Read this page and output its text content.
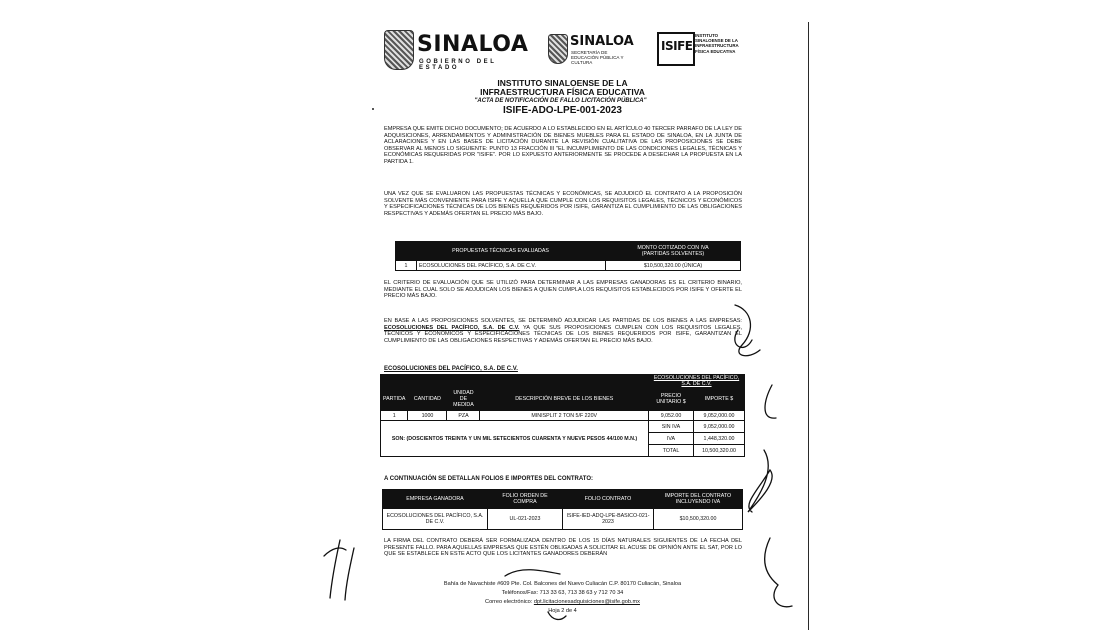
SINALOA
GOBIERNO DEL ESTADO
SINALOA
SECRETARÍA DE EDUCACIÓN PÚBLICA Y CULTURA
ISIFE
INSTITUTO SINALOENSE DE LA INFRAESTRUCTURA FÍSICA EDUCATIVA
INSTITUTO SINALOENSE DE LA
INFRAESTRUCTURA FÍSICA EDUCATIVA
"ACTA DE NOTIFICACIÓN DE FALLO LICITACIÓN PÚBLICA"
ISIFE-ADO-LPE-001-2023
EMPRESA QUE EMITE DICHO DOCUMENTO; DE ACUERDO A LO ESTABLECIDO EN EL ARTÍCULO 40 TERCER PARRAFO DE LA LEY DE ADQUISICIONES, ARRENDAMIENTOS Y ADMINISTRACIÓN DE BIENES MUEBLES PARA EL ESTADO DE SINALOA, EN LA JUNTA DE ACLARACIONES Y EN LAS BASES DE LICITACIÓN DURANTE LA REVISIÓN CUALITATIVA DE LAS PROPOSICIONES SE DEBE OBSERVAR AL MENOS LO SIGUIENTE: PUNTO 13 FRACCIÓN III "EL INCUMPLIMIENTO DE LAS CONDICIONES LEGALES, TÉCNICAS Y ECONÓMICAS REQUERIDAS POR "ISIFE". POR LO EXPUESTO ANTERIORMENTE SE PROCEDE A DESECHAR LA PROPUESTA EN LA PARTIDA 1.
UNA VEZ QUE SE EVALUARON LAS PROPUESTAS TÉCNICAS Y ECONÓMICAS, SE ADJUDICÓ EL CONTRATO A LA PROPOSICIÓN SOLVENTE MÁS CONVENIENTE PARA ISIFE Y AQUELLA QUE CUMPLE CON LOS REQUISITOS LEGALES, TÉCNICOS Y ECONÓMICOS Y ESPECIFICACIONES TÉCNICAS DE LOS BIENES REQUERIDOS POR ISIFE, GARANTIZA EL CUMPLIMIENTO DE LAS OBLIGACIONES RESPECTIVAS Y ADEMÁS OFERTAN EL PRECIO MÁS BAJO.
PROPUESTAS TÉCNICAS EVALUADAS		MONTO COTIZADO CON IVA
(PARTIDAS SOLVENTES)

1	ECOSOLUCIONES DEL PACÍFICO, S.A. DE C.V.	$10,500,320.00 (ÚNICA)
EL CRITERIO DE EVALUACIÓN QUE SE UTILIZÓ PARA DETERMINAR A LAS EMPRESAS GANADORAS ES EL CRITERIO BINARIO, MEDIANTE EL CUAL SOLO SE ADJUDICAN LOS BIENES A QUIEN CUMPLA LOS REQUISITOS ESTABLECIDOS POR ISIFE Y OFERTE EL PRECIO MÁS BAJO.
EN BASE A LAS PROPOSICIONES SOLVENTES, SE DETERMINÓ ADJUDICAR LAS PARTIDAS DE LOS BIENES A LAS EMPRESAS: ECOSOLUCIONES DEL PACÍFICO, S.A. DE C.V. YA QUE SUS PROPOSICIONES CUMPLEN CON LOS REQUISITOS LEGALES, TÉCNICOS Y ECONÓMICOS Y ESPECIFICACIONES TÉCNICAS DE LOS BIENES REQUERIDOS POR ISIFE, GARANTIZAN EL CUMPLIMIENTO DE LAS OBLIGACIONES RESPECTIVAS Y ADEMÁS OFERTAN EL PRECIO MÁS BAJO.
ECOSOLUCIONES DEL PACÍFICO, S.A. DE C.V.
				ECOSOLUCIONES DEL PACÍFICO, S.A. DE C.V.	
PARTIDA	CANTIDAD	UNIDAD DE MEDIDA	DESCRIPCIÓN BREVE DE LOS BIENES	PRECIO UNITARIO $	IMPORTE $
1	1000	PZA	MINISPLIT 2 TON 5/F 220V	9,052.00	9,052,000.00
SON: (DOSCIENTOS TREINTA Y UN MIL SETECIENTOS CUARENTA Y NUEVE PESOS 44/100 M.N.)				SIN IVA	9,052,000.00
				IVA	1,448,320.00
				TOTAL	10,500,320.00
A CONTINUACIÓN SE DETALLAN FOLIOS E IMPORTES DEL CONTRATO:
EMPRESA GANADORA	FOLIO ORDEN DE COMPRA	FOLIO CONTRATO	IMPORTE DEL CONTRATO INCLUYENDO IVA
ECOSOLUCIONES DEL PACÍFICO, S.A. DE C.V.	UL-021-2023	ISIFE-IED-ADQ-LPE-BASICO-021-2023	$10,500,320.00
LA FIRMA DEL CONTRATO DEBERÁ SER FORMALIZADA DENTRO DE LOS 15 DÍAS NATURALES SIGUIENTES DE LA FECHA DEL PRESENTE FALLO. PARA AQUELLAS EMPRESAS QUE ESTÉN OBLIGADAS A SOLICITAR EL ACUSE DE OPINIÓN ANTE EL SAT, POR LO QUE SE ESTABLECE EN ESTE ACTO QUE LOS LICITANTES GANADORES DEBERÁN
Bahía de Navachiste #609 Pte. Col. Balcones del Nuevo Culiacán C.P. 80170 Culiacán, Sinaloa
Teléfonos/Fax: 713 33 63, 713 38 63 y 712 70 34
Correo electrónico: dpt.licitacionesadquisiciones@isife.gob.mx
Hoja 2 de 4
